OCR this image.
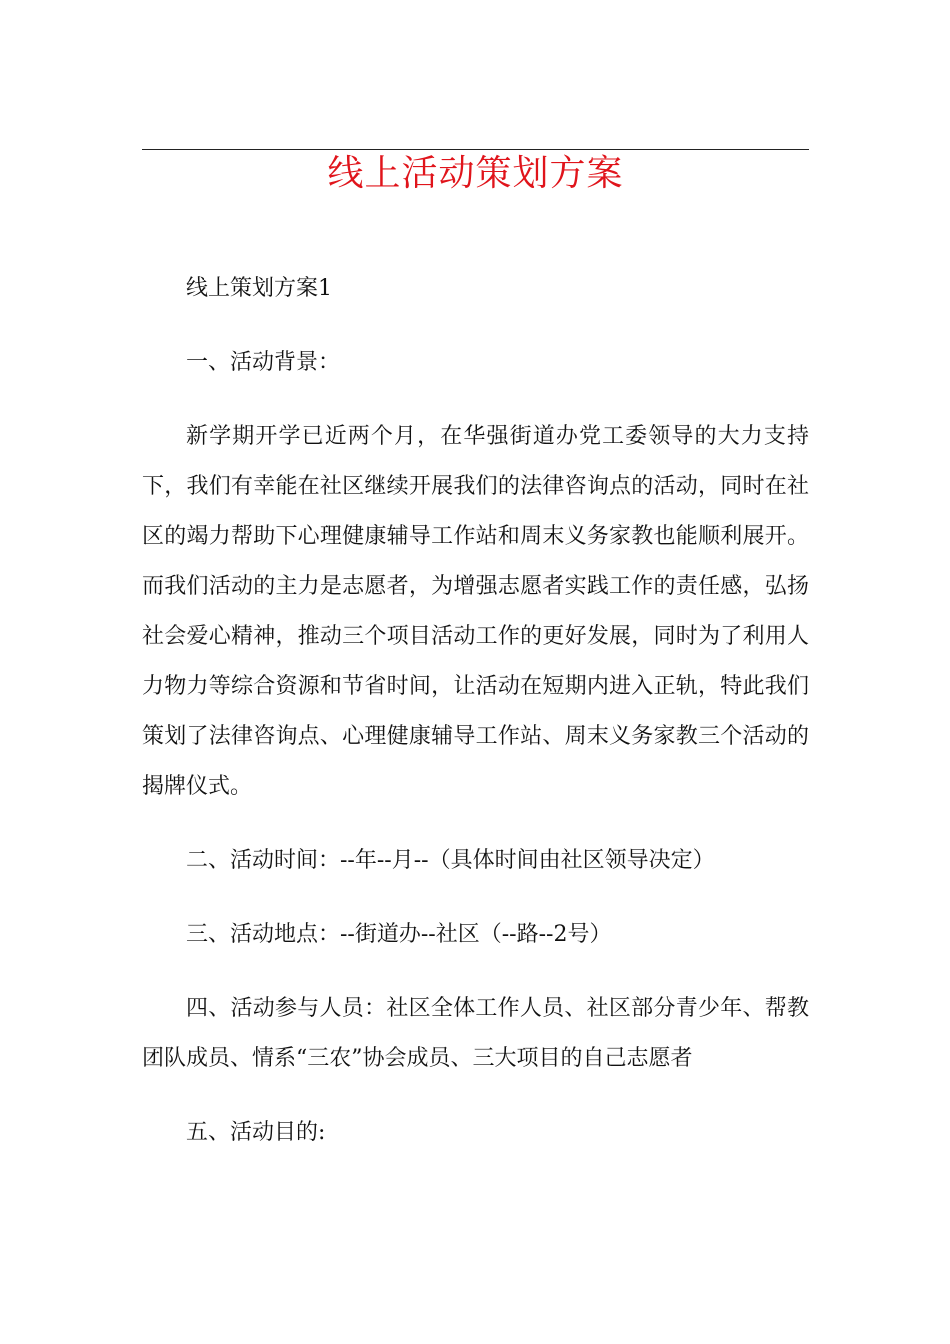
线上活动策划方案

线上策划方案1

一、活动背景：

新学期开学已近两个月，在华强街道办党工委领导的大力支持下，我们有幸能在社区继续开展我们的法律咨询点的活动，同时在社区的竭力帮助下心理健康辅导工作站和周末义务家教也能顺利展开。而我们活动的主力是志愿者，为增强志愿者实践工作的责任感，弘扬社会爱心精神，推动三个项目活动工作的更好发展，同时为了利用人力物力等综合资源和节省时间，让活动在短期内进入正轨，特此我们策划了法律咨询点、心理健康辅导工作站、周末义务家教三个活动的揭牌仪式。

二、活动时间：--年--月--（具体时间由社区领导决定）

三、活动地点：--街道办--社区（--路--2号）

四、活动参与人员：社区全体工作人员、社区部分青少年、帮教团队成员、情系“三农”协会成员、三大项目的自己志愿者

五、活动目的:
